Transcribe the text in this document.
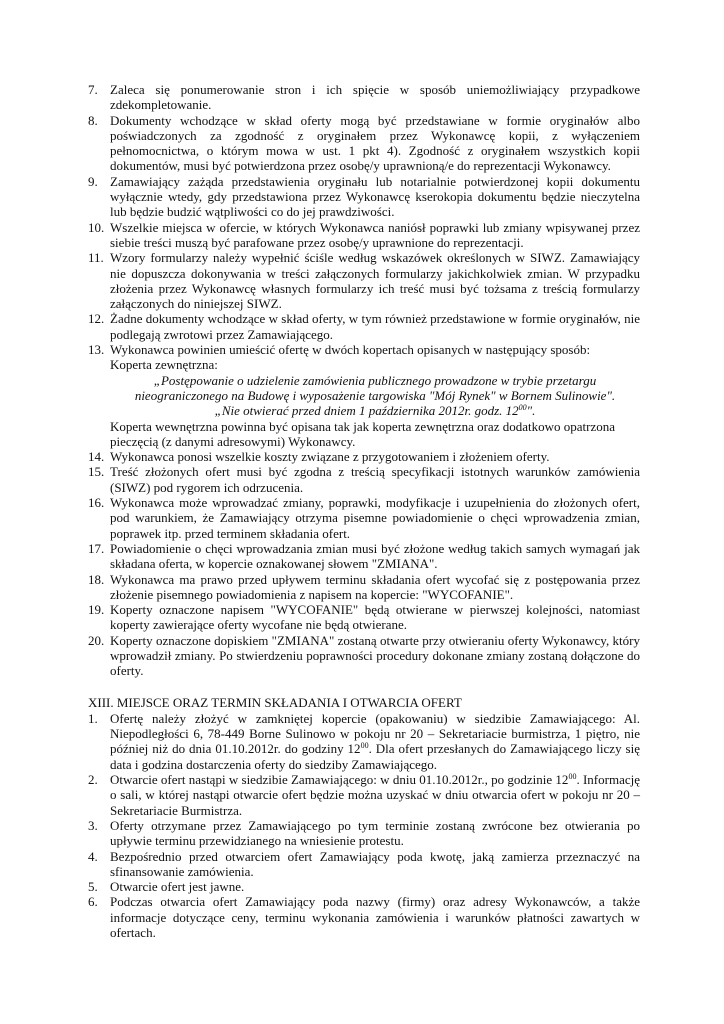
7. Zaleca się ponumerowanie stron i ich spięcie w sposób uniemożliwiający przypadkowe zdekompletowanie.
8. Dokumenty wchodzące w skład oferty mogą być przedstawiane w formie oryginałów albo poświadczonych za zgodność z oryginałem przez Wykonawcę kopii, z wyłączeniem pełnomocnictwa, o którym mowa w ust. 1 pkt 4). Zgodność z oryginałem wszystkich kopii dokumentów, musi być potwierdzona przez osobę/y uprawnioną/e do reprezentacji Wykonawcy.
9. Zamawiający zażąda przedstawienia oryginału lub notarialnie potwierdzonej kopii dokumentu wyłącznie wtedy, gdy przedstawiona przez Wykonawcę kserokopia dokumentu będzie nieczytelna lub będzie budzić wątpliwości co do jej prawdziwości.
10. Wszelkie miejsca w ofercie, w których Wykonawca naniósł poprawki lub zmiany wpisywanej przez siebie treści muszą być parafowane przez osobę/y uprawnione do reprezentacji.
11. Wzory formularzy należy wypełnić ściśle według wskazówek określonych w SIWZ. Zamawiający nie dopuszcza dokonywania w treści załączonych formularzy jakichkolwiek zmian. W przypadku złożenia przez Wykonawcę własnych formularzy ich treść musi być tożsama z treścią formularzy załączonych do niniejszej SIWZ.
12. Żadne dokumenty wchodzące w skład oferty, w tym również przedstawione w formie oryginałów, nie podlegają zwrotowi przez Zamawiającego.
13. Wykonawca powinien umieścić ofertę w dwóch kopertach opisanych w następujący sposób:
Koperta zewnętrzna:
„Postępowanie o udzielenie zamówienia publicznego prowadzone w trybie przetargu
nieograniczonego na Budowę i wyposażenie targowiska "Mój Rynek" w Bornem Sulinowie".
„Nie otwierać przed dniem 1 października 2012r. godz. $12^{00}$".
Koperta wewnętrzna powinna być opisana tak jak koperta zewnętrzna oraz dodatkowo opatrzona pieczęcią (z danymi adresowymi) Wykonawcy.
14. Wykonawca ponosi wszelkie koszty związane z przygotowaniem i złożeniem oferty.
15. Treść złożonych ofert musi być zgodna z treścią specyfikacji istotnych warunków zamówienia (SIWZ) pod rygorem ich odrzucenia.
16. Wykonawca może wprowadzać zmiany, poprawki, modyfikacje i uzupełnienia do złożonych ofert, pod warunkiem, że Zamawiający otrzyma pisemne powiadomienie o chęci wprowadzenia zmian, poprawek itp. przed terminem składania ofert.
17. Powiadomienie o chęci wprowadzania zmian musi być złożone według takich samych wymagań jak składana oferta, w kopercie oznakowanej słowem "ZMIANA".
18. Wykonawca ma prawo przed upływem terminu składania ofert wycofać się z postępowania przez złożenie pisemnego powiadomienia z napisem na kopercie: "WYCOFANIE".
19. Koperty oznaczone napisem "WYCOFANIE" będą otwierane w pierwszej kolejności, natomiast koperty zawierające oferty wycofane nie będą otwierane.
20. Koperty oznaczone dopiskiem "ZMIANA" zostaną otwarte przy otwieraniu oferty Wykonawcy, który wprowadził zmiany. Po stwierdzeniu poprawności procedury dokonane zmiany zostaną dołączone do oferty.
XIII. MIEJSCE ORAZ TERMIN SKŁADANIA I OTWARCIA OFERT
1. Ofertę należy złożyć w zamkniętej kopercie (opakowaniu) w siedzibie Zamawiającego: Al. Niepodległości 6, 78-449 Borne Sulinowo w pokoju nr 20 – Sekretariacie burmistrza, 1 piętro, nie później niż do dnia 01.10.2012r. do godziny $12^{00}$. Dla ofert przesłanych do Zamawiającego liczy się data i godzina dostarczenia oferty do siedziby Zamawiającego.
2. Otwarcie ofert nastąpi w siedzibie Zamawiającego: w dniu 01.10.2012r., po godzinie $12^{00}$. Informację o sali, w której nastąpi otwarcie ofert będzie można uzyskać w dniu otwarcia ofert w pokoju nr 20 – Sekretariacie Burmistrza.
3. Oferty otrzymane przez Zamawiającego po tym terminie zostaną zwrócone bez otwierania po upływie terminu przewidzianego na wniesienie protestu.
4. Bezpośrednio przed otwarciem ofert Zamawiający poda kwotę, jaką zamierza przeznaczyć na sfinansowanie zamówienia.
5. Otwarcie ofert jest jawne.
6. Podczas otwarcia ofert Zamawiający poda nazwy (firmy) oraz adresy Wykonawców, a także informacje dotyczące ceny, terminu wykonania zamówienia i warunków płatności zawartych w ofertach.
